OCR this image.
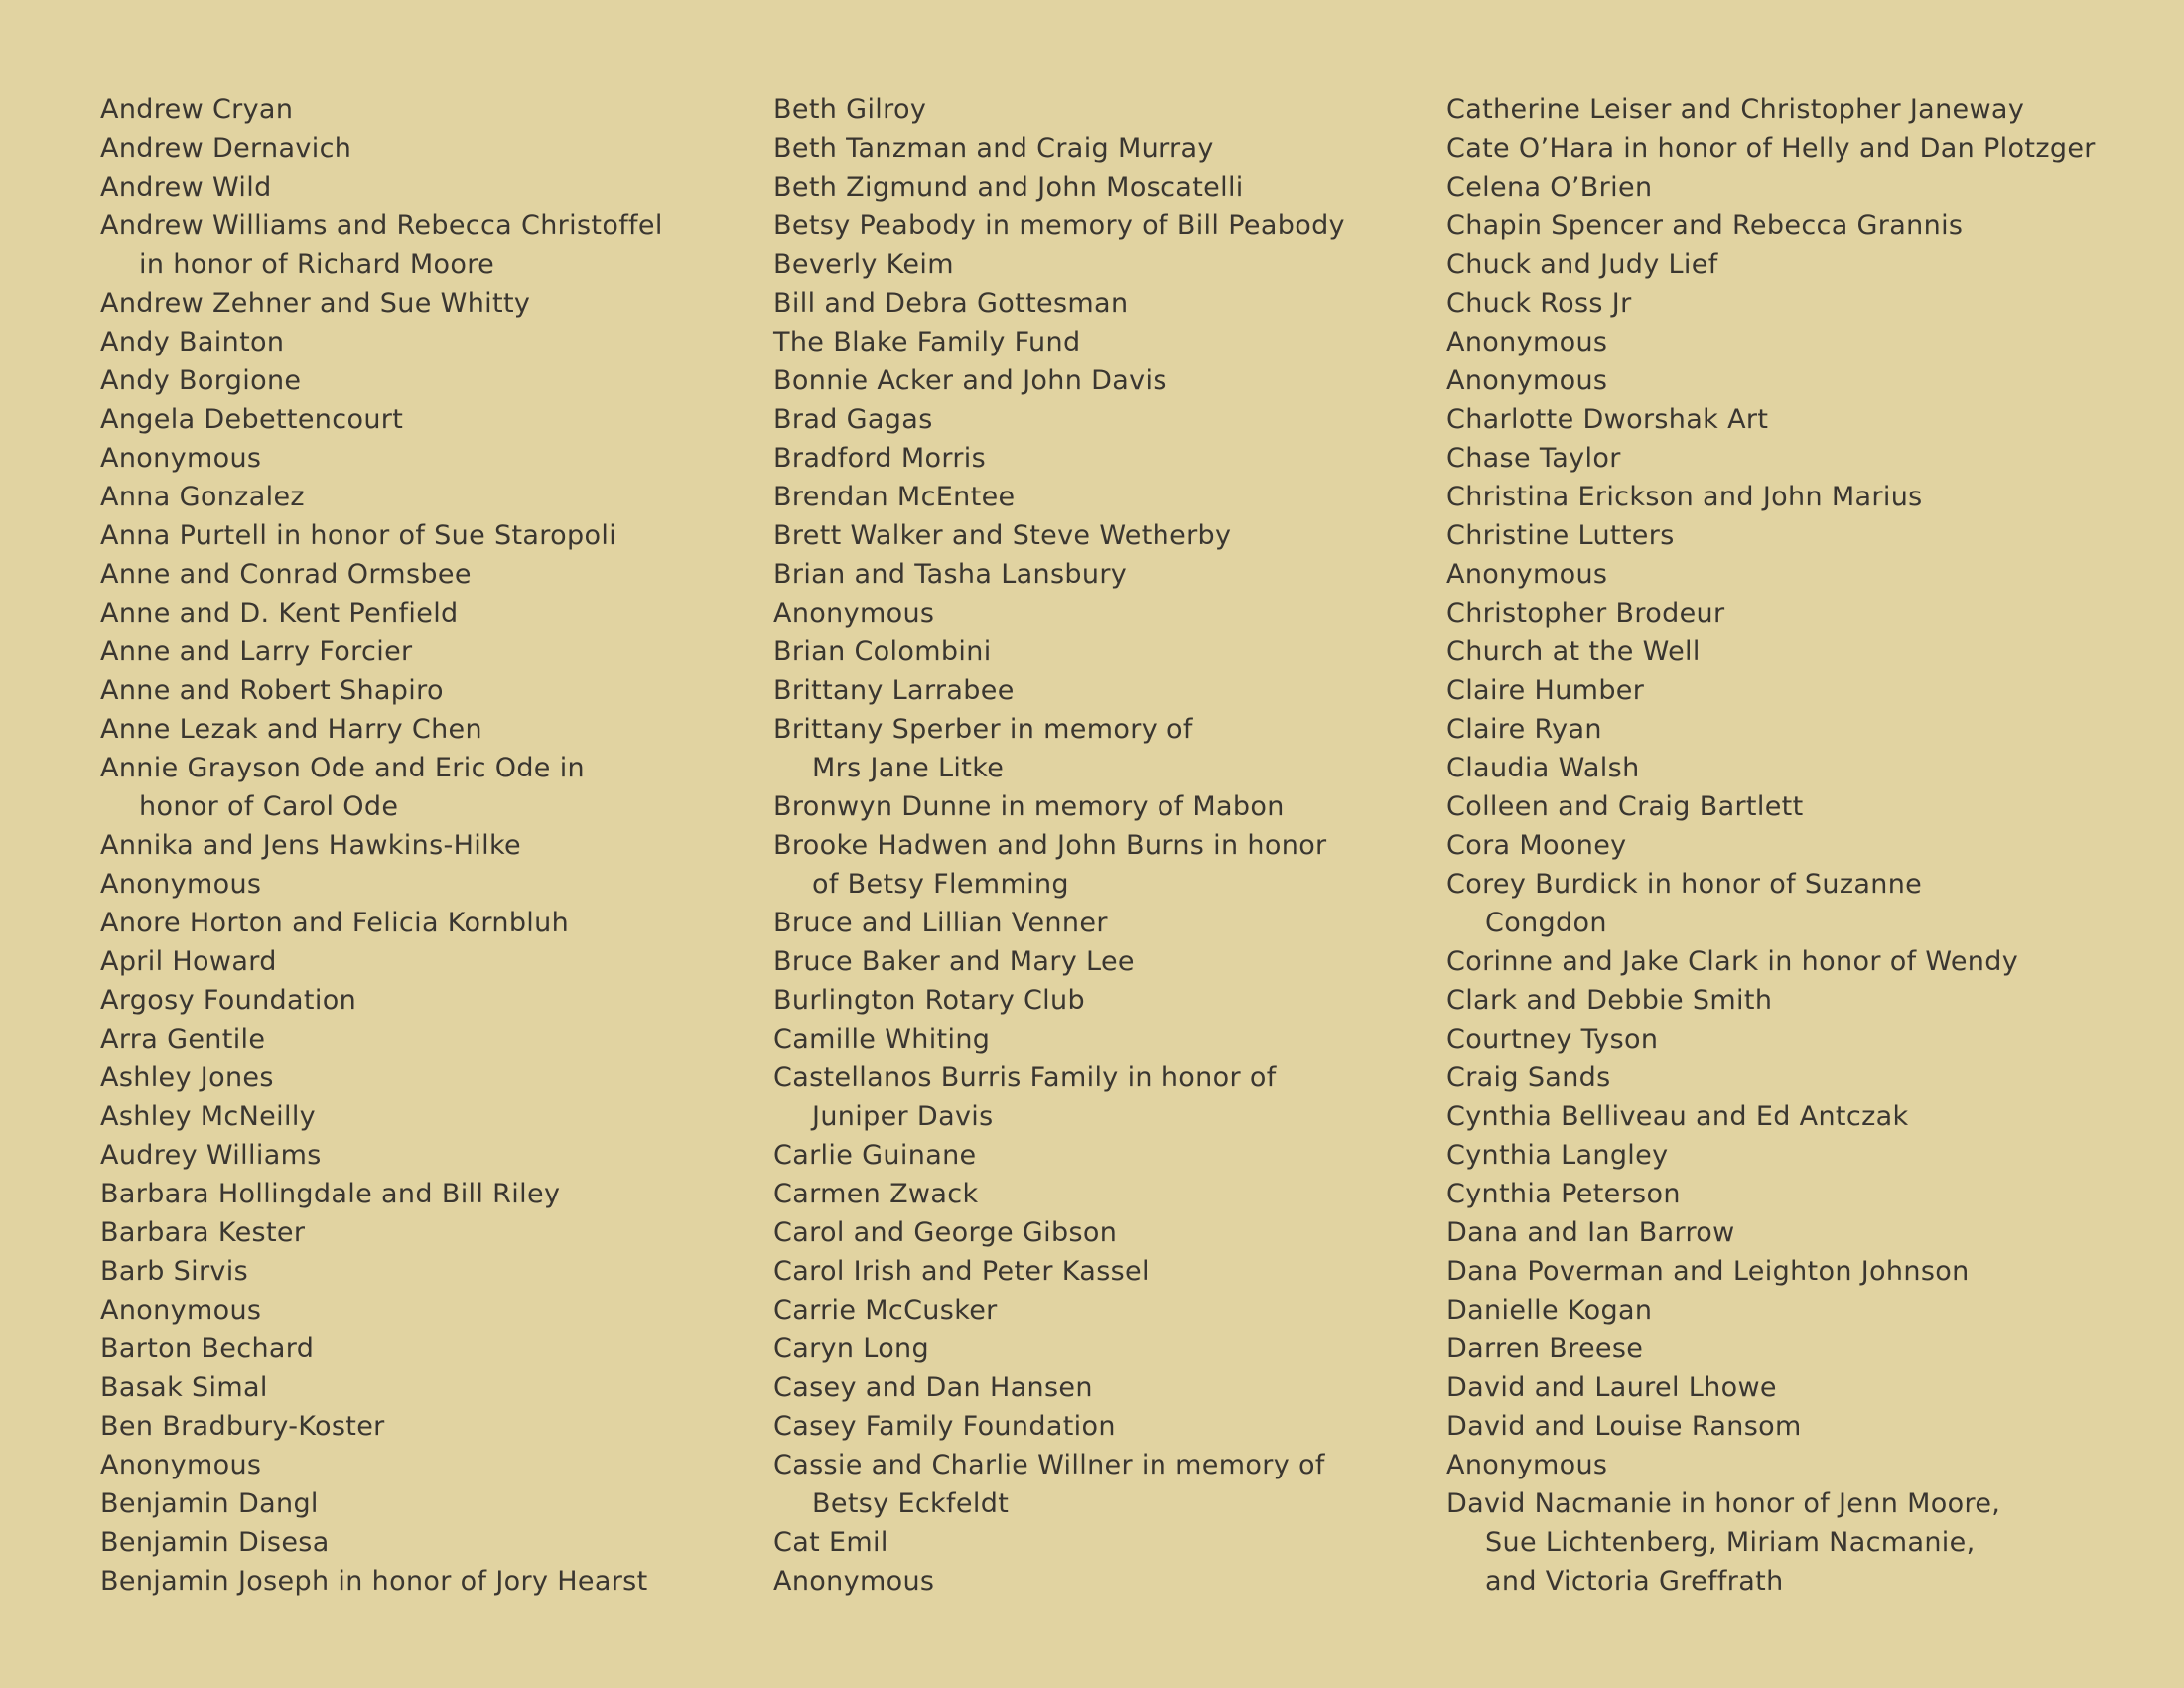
Andrew Cryan
Andrew Dernavich
Andrew Wild
Andrew Williams and Rebecca Christoffel
in honor of Richard Moore
Andrew Zehner and Sue Whitty
Andy Bainton
Andy Borgione
Angela Debettencourt
Anonymous
Anna Gonzalez
Anna Purtell in honor of Sue Staropoli
Anne and Conrad Ormsbee
Anne and D. Kent Penfield
Anne and Larry Forcier
Anne and Robert Shapiro
Anne Lezak and Harry Chen
Annie Grayson Ode and Eric Ode in
honor of Carol Ode
Annika and Jens Hawkins-Hilke
Anonymous
Anore Horton and Felicia Kornbluh
April Howard
Argosy Foundation
Arra Gentile
Ashley Jones
Ashley McNeilly
Audrey Williams
Barbara Hollingdale and Bill Riley
Barbara Kester
Barb Sirvis
Anonymous
Barton Bechard
Basak Simal
Ben Bradbury-Koster
Anonymous
Benjamin Dangl
Benjamin Disesa
Benjamin Joseph in honor of Jory Hearst
Beth Gilroy
Beth Tanzman and Craig Murray
Beth Zigmund and John Moscatelli
Betsy Peabody in memory of Bill Peabody
Beverly Keim
Bill and Debra Gottesman
The Blake Family Fund
Bonnie Acker and John Davis
Brad Gagas
Bradford Morris
Brendan McEntee
Brett Walker and Steve Wetherby
Brian and Tasha Lansbury
Anonymous
Brian Colombini
Brittany Larrabee
Brittany Sperber in memory of
Mrs Jane Litke
Bronwyn Dunne in memory of Mabon
Brooke Hadwen and John Burns in honor
of Betsy Flemming
Bruce and Lillian Venner
Bruce Baker and Mary Lee
Burlington Rotary Club
Camille Whiting
Castellanos Burris Family in honor of
Juniper Davis
Carlie Guinane
Carmen Zwack
Carol and George Gibson
Carol Irish and Peter Kassel
Carrie McCusker
Caryn Long
Casey and Dan Hansen
Casey Family Foundation
Cassie and Charlie Willner in memory of
Betsy Eckfeldt
Cat Emil
Anonymous
Catherine Leiser and Christopher Janeway
Cate O’Hara in honor of Helly and Dan Plotzger
Celena O’Brien
Chapin Spencer and Rebecca Grannis
Chuck and Judy Lief
Chuck Ross Jr
Anonymous
Anonymous
Charlotte Dworshak Art
Chase Taylor
Christina Erickson and John Marius
Christine Lutters
Anonymous
Christopher Brodeur
Church at the Well
Claire Humber
Claire Ryan
Claudia Walsh
Colleen and Craig Bartlett
Cora Mooney
Corey Burdick in honor of Suzanne
Congdon
Corinne and Jake Clark in honor of Wendy
Clark and Debbie Smith
Courtney Tyson
Craig Sands
Cynthia Belliveau and Ed Antczak
Cynthia Langley
Cynthia Peterson
Dana and Ian Barrow
Dana Poverman and Leighton Johnson
Danielle Kogan
Darren Breese
David and Laurel Lhowe
David and Louise Ransom
Anonymous
David Nacmanie in honor of Jenn Moore,
Sue Lichtenberg, Miriam Nacmanie,
and Victoria Greffrath
